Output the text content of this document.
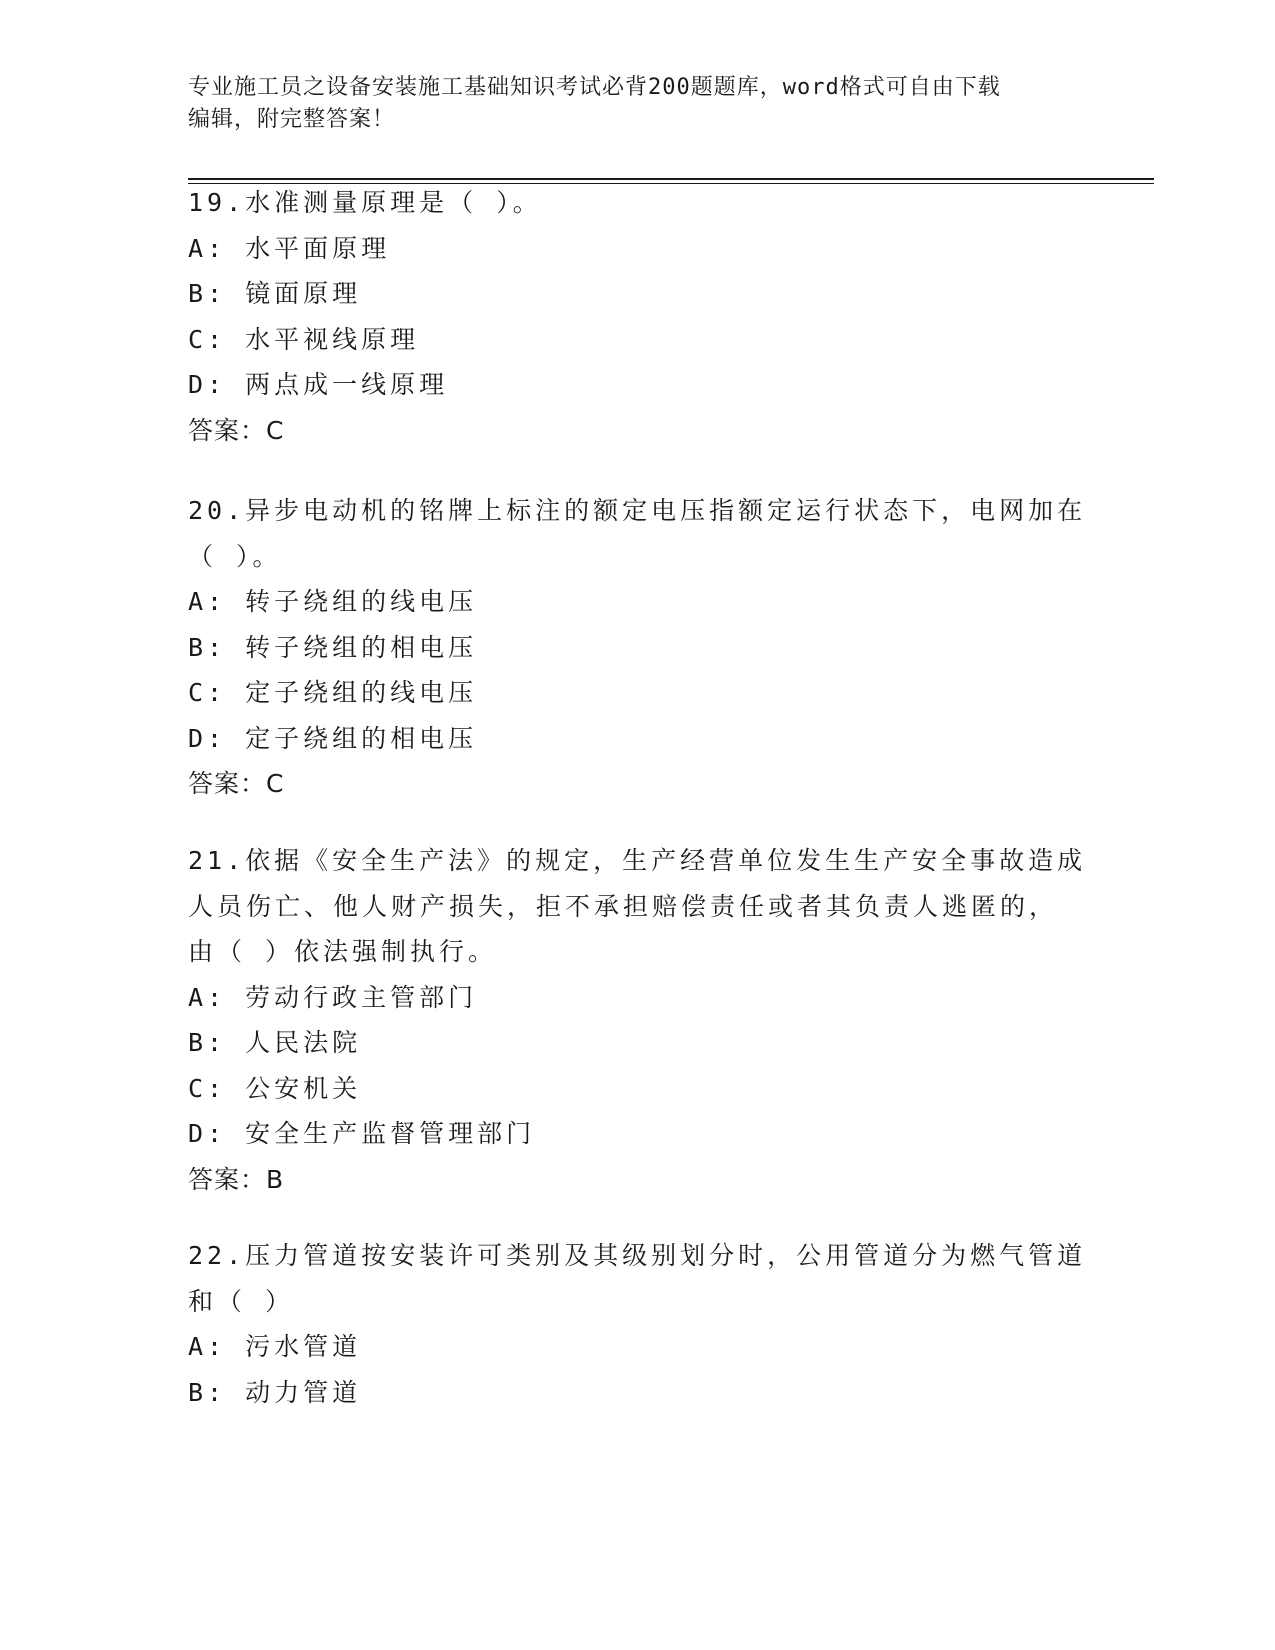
专业施工员之设备安装施工基础知识考试必背200题题库，word格式可自由下载
编辑，附完整答案！
19.水准测量原理是（ ）。
A: 水平面原理
B: 镜面原理
C: 水平视线原理
D: 两点成一线原理
答案：C
20.异步电动机的铭牌上标注的额定电压指额定运行状态下，电网加在
（ ）。
A: 转子绕组的线电压
B: 转子绕组的相电压
C: 定子绕组的线电压
D: 定子绕组的相电压
答案：C
21.依据《安全生产法》的规定，生产经营单位发生生产安全事故造成
人员伤亡、他人财产损失，拒不承担赔偿责任或者其负责人逃匿的，
由（ ）依法强制执行。
A: 劳动行政主管部门
B: 人民法院
C: 公安机关
D: 安全生产监督管理部门
答案：B
22.压力管道按安装许可类别及其级别划分时，公用管道分为燃气管道
和（ ）
A: 污水管道
B: 动力管道
